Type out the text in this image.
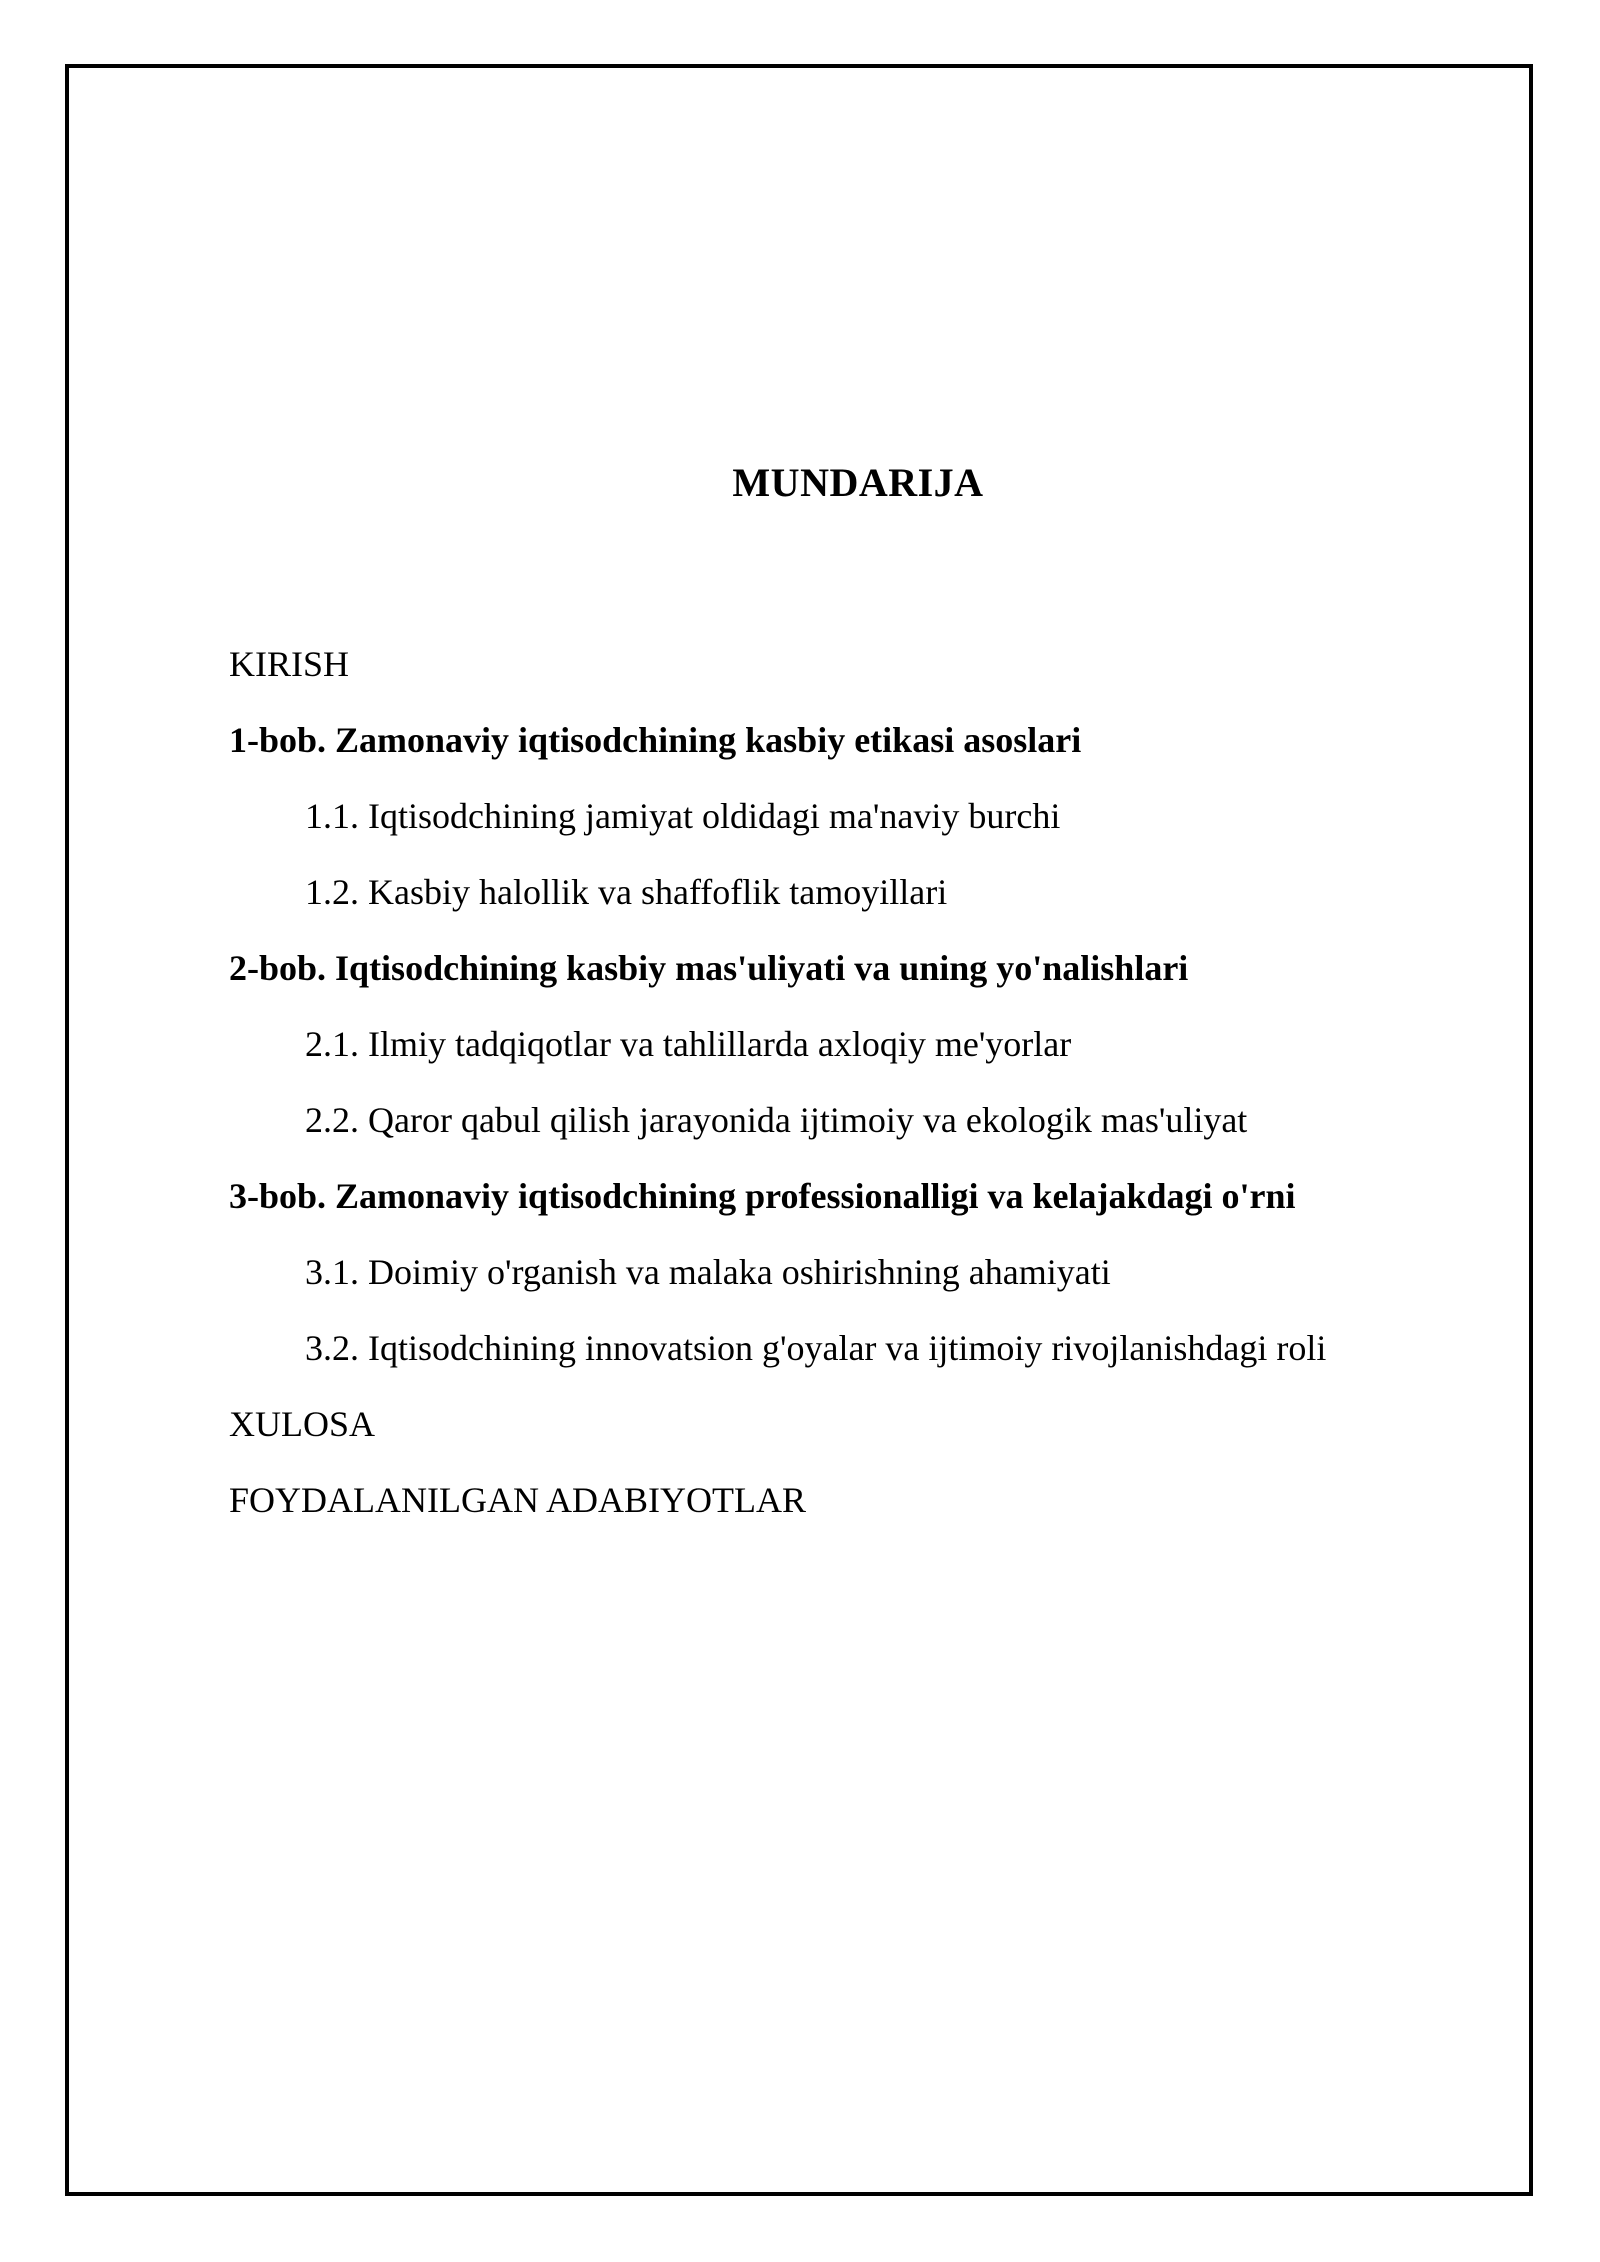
MUNDARIJA
KIRISH
1-bob. Zamonaviy iqtisodchining kasbiy etikasi asoslari
1.1. Iqtisodchining jamiyat oldidagi ma'naviy burchi
1.2. Kasbiy halollik va shaffoflik tamoyillari
2-bob. Iqtisodchining kasbiy mas'uliyati va uning yo'nalishlari
2.1. Ilmiy tadqiqotlar va tahlillarda axloqiy me'yorlar
2.2. Qaror qabul qilish jarayonida ijtimoiy va ekologik mas'uliyat
3-bob. Zamonaviy iqtisodchining professionalligi va kelajakdagi o'rni
3.1. Doimiy o'rganish va malaka oshirishning ahamiyati
3.2. Iqtisodchining innovatsion g'oyalar va ijtimoiy rivojlanishdagi roli
XULOSA
FOYDALANILGAN ADABIYOTLAR
